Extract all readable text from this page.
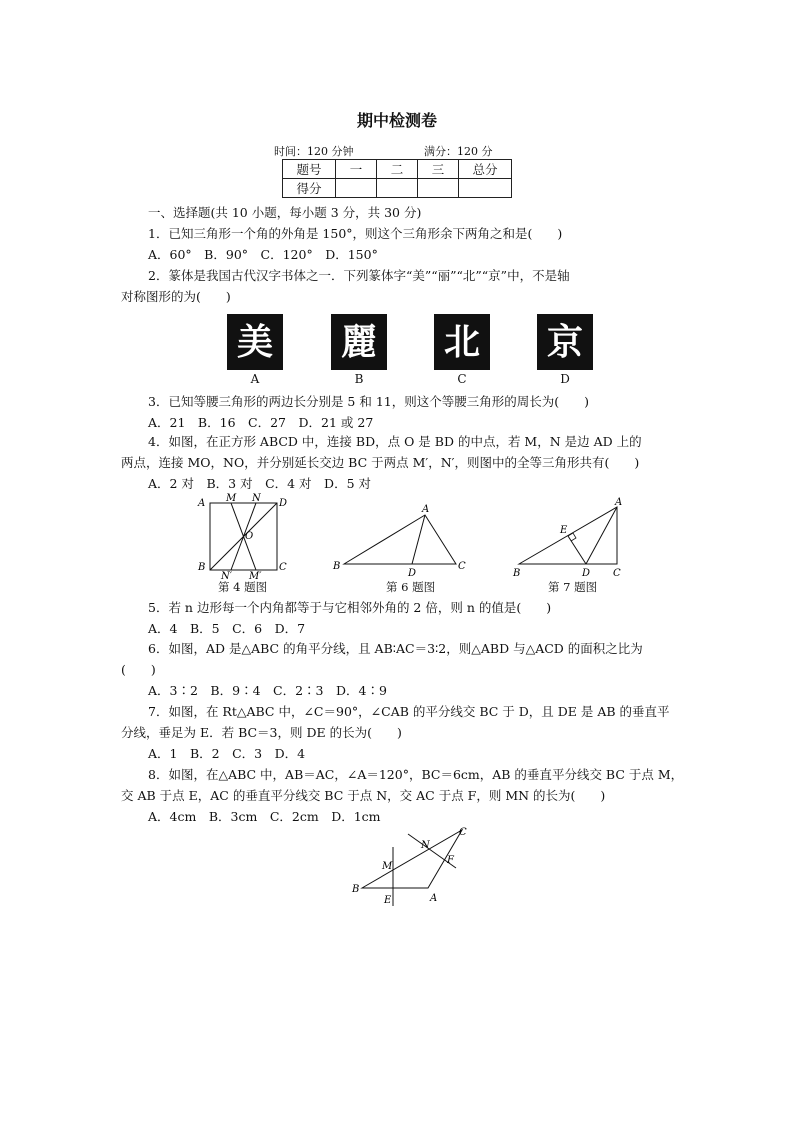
期中检测卷
时间：120 分钟	满分：120 分
题号	一	二	三	总分
得分				
一、选择题(共 10 小题，每小题 3 分，共 30 分)
1．已知三角形一个角的外角是 150°，则这个三角形余下两角之和是(　　)
A．60°　B．90°　C．120°　D．150°
2．篆体是我国古代汉字书体之一．下列篆体字“美”“丽”“北”“京”中，不是轴
对称图形的为(　　)
美 麗 北 京
A	B	C	D
3．已知等腰三角形的两边长分别是 5 和 11，则这个等腰三角形的周长为(　　)
A．21　B．16　C．27　D．21 或 27
4．如图，在正方形 ABCD 中，连接 BD，点 O 是 BD 的中点，若 M，N 是边 AD 上的
两点，连接 MO，NO，并分别延长交边 BC 于两点 M′，N′，则图中的全等三角形共有(　　)
A．2 对　B．3 对　C．4 对　D．5 对
A M N D
O
B
N′ M′
C
第 4 题图
A
B
D
C
第 6 题图
A
E
B	D C
第 7 题图
5．若 n 边形每一个内角都等于与它相邻外角的 2 倍，则 n 的值是(　　)
A．4　B．5　C．6　D．7
6．如图，AD 是△ABC 的角平分线，且 AB∶AC＝3∶2，则△ABD 与△ACD 的面积之比为
(　　)
A．3∶2　B．9∶4　C．2∶3　D．4∶9
7．如图，在 Rt△ABC 中，∠C＝90°，∠CAB 的平分线交 BC 于 D，且 DE 是 AB 的垂直平
分线，垂足为 E．若 BC＝3，则 DE 的长为(　　)
A．1　B．2　C．3　D．4
8．如图，在△ABC 中，AB＝AC，∠A＝120°，BC＝6cm，AB 的垂直平分线交 BC 于点 M，
交 AB 于点 E，AC 的垂直平分线交 BC 于点 N，交 AC 于点 F，则 MN 的长为(　　)
A．4cm　B．3cm　C．2cm　D．1cm
C
N
F
M
B
E	A
